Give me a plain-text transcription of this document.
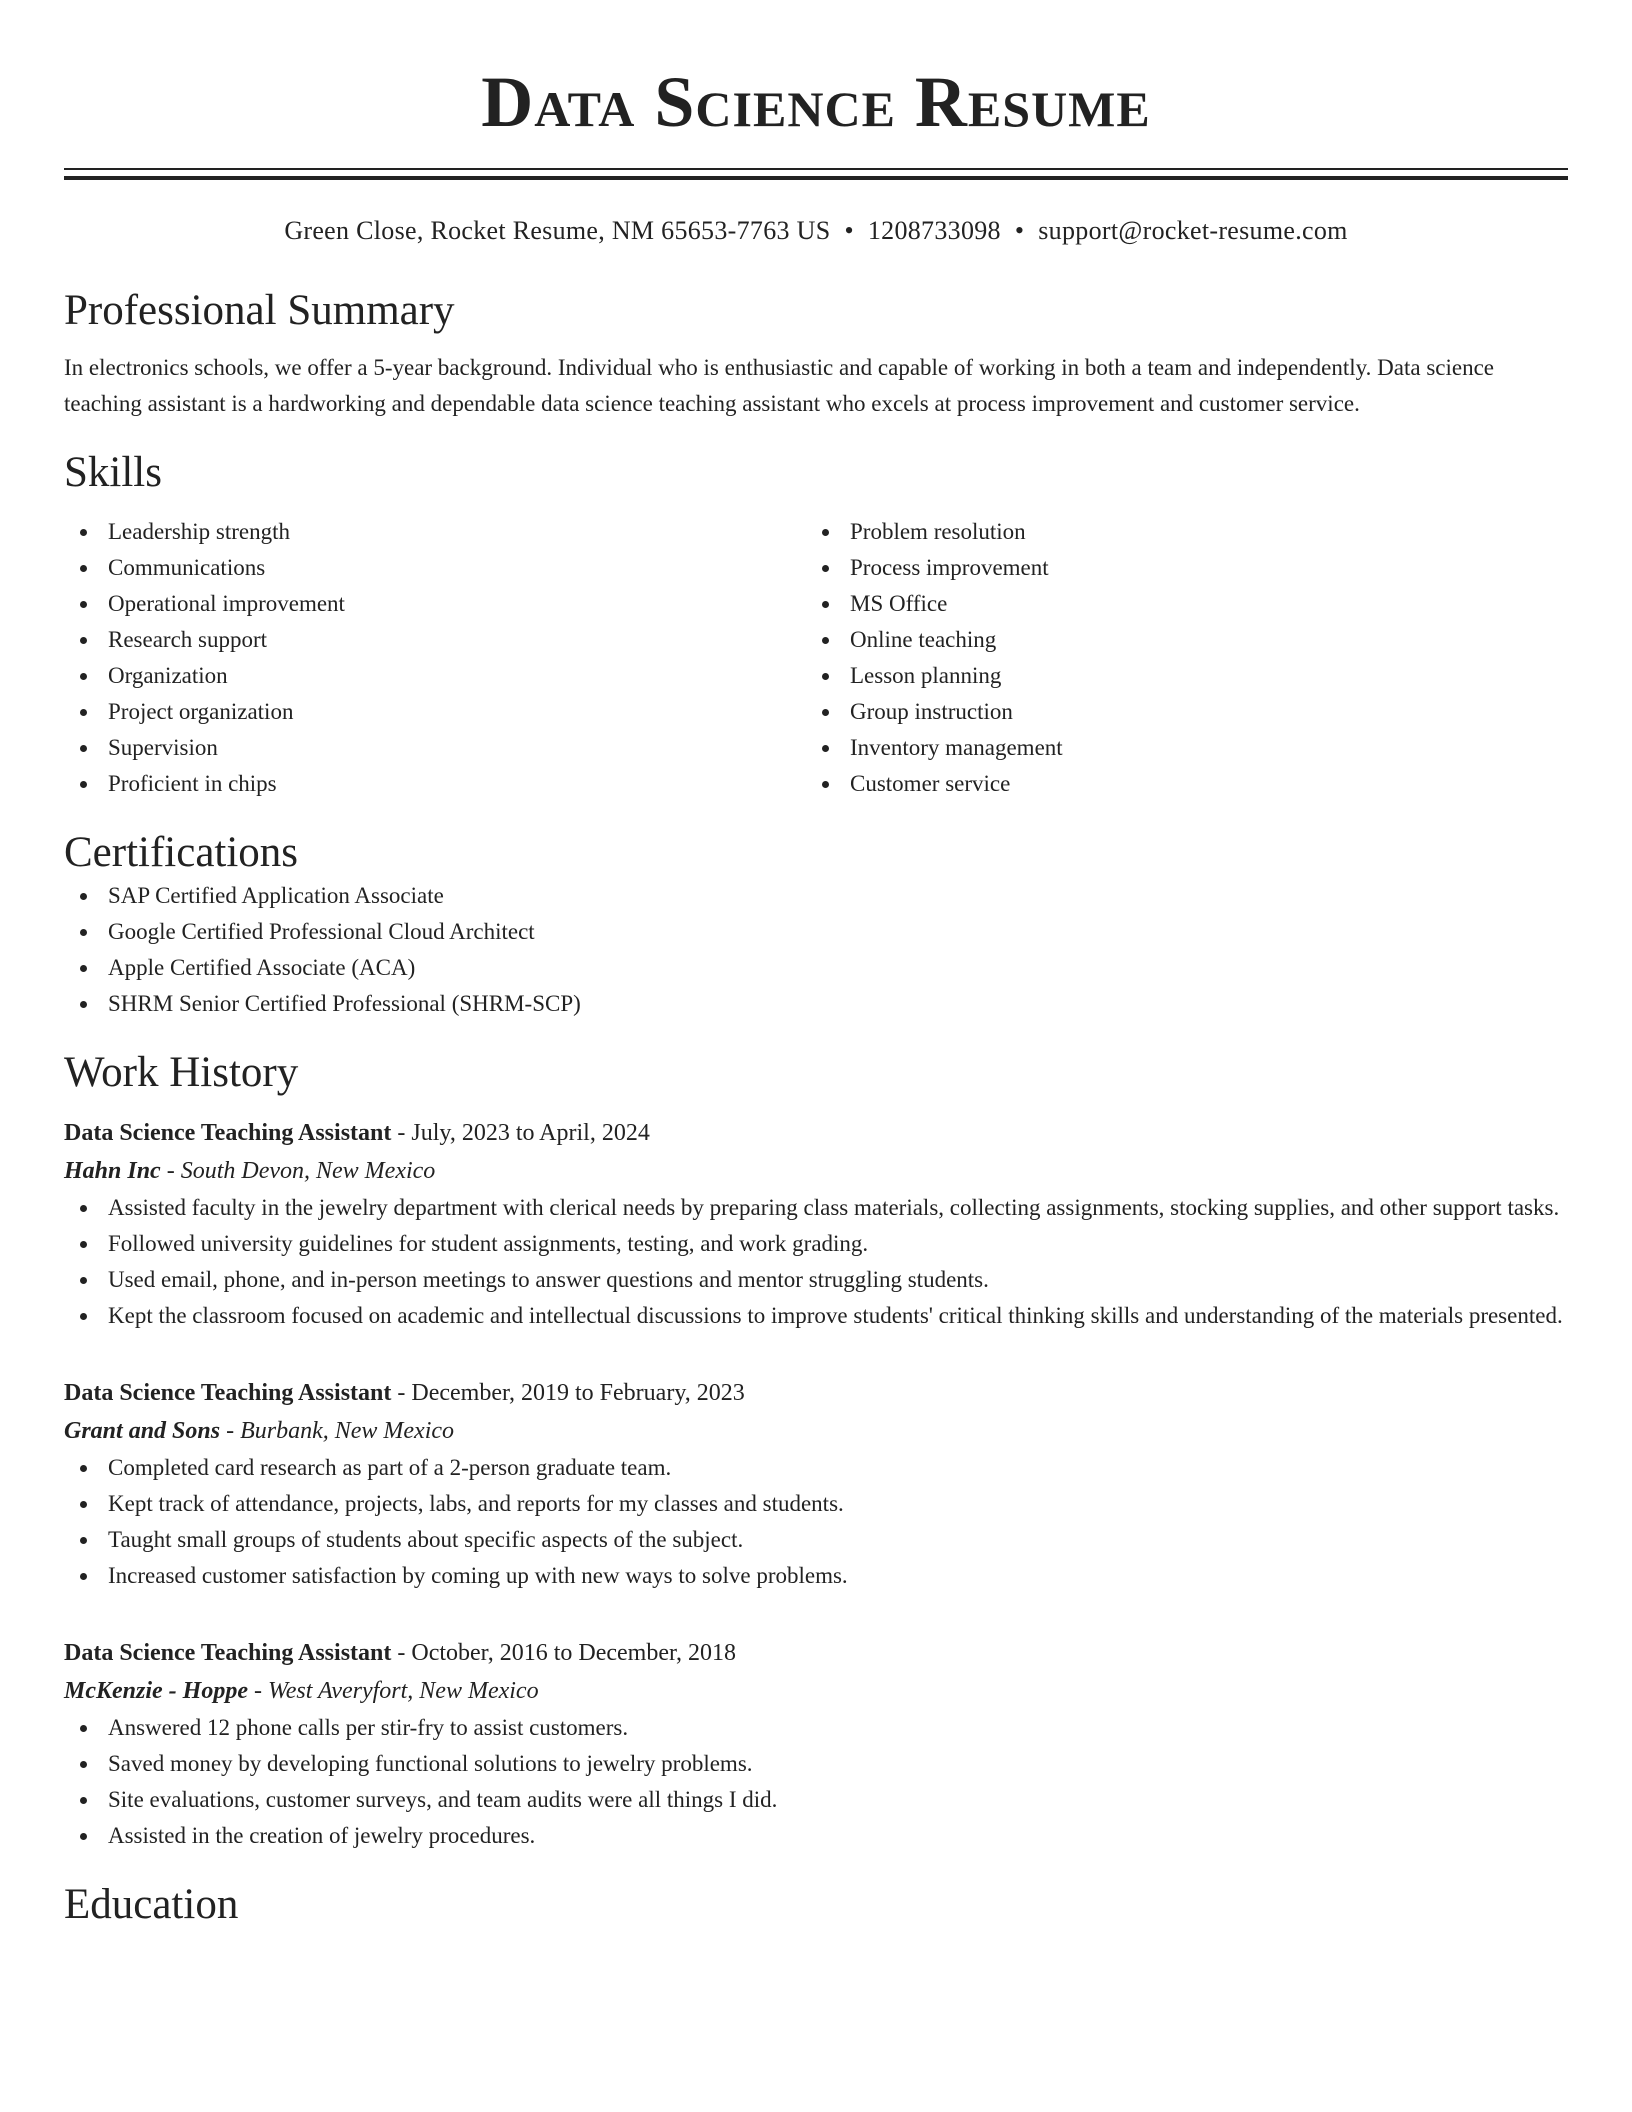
Data Science Resume
Green Close, Rocket Resume, NM 65653-7763 US • 1208733098 • support@rocket-resume.com
Professional Summary
In electronics schools, we offer a 5-year background. Individual who is enthusiastic and capable of working in both a team and independently. Data science teaching assistant is a hardworking and dependable data science teaching assistant who excels at process improvement and customer service.
Skills
Leadership strength
Communications
Operational improvement
Research support
Organization
Project organization
Supervision
Proficient in chips
Problem resolution
Process improvement
MS Office
Online teaching
Lesson planning
Group instruction
Inventory management
Customer service
Certifications
SAP Certified Application Associate
Google Certified Professional Cloud Architect
Apple Certified Associate (ACA)
SHRM Senior Certified Professional (SHRM-SCP)
Work History
Data Science Teaching Assistant - July, 2023 to April, 2024
Hahn Inc - South Devon, New Mexico
Assisted faculty in the jewelry department with clerical needs by preparing class materials, collecting assignments, stocking supplies, and other support tasks.
Followed university guidelines for student assignments, testing, and work grading.
Used email, phone, and in-person meetings to answer questions and mentor struggling students.
Kept the classroom focused on academic and intellectual discussions to improve students' critical thinking skills and understanding of the materials presented.
Data Science Teaching Assistant - December, 2019 to February, 2023
Grant and Sons - Burbank, New Mexico
Completed card research as part of a 2-person graduate team.
Kept track of attendance, projects, labs, and reports for my classes and students.
Taught small groups of students about specific aspects of the subject.
Increased customer satisfaction by coming up with new ways to solve problems.
Data Science Teaching Assistant - October, 2016 to December, 2018
McKenzie - Hoppe - West Averyfort, New Mexico
Answered 12 phone calls per stir-fry to assist customers.
Saved money by developing functional solutions to jewelry problems.
Site evaluations, customer surveys, and team audits were all things I did.
Assisted in the creation of jewelry procedures.
Education
